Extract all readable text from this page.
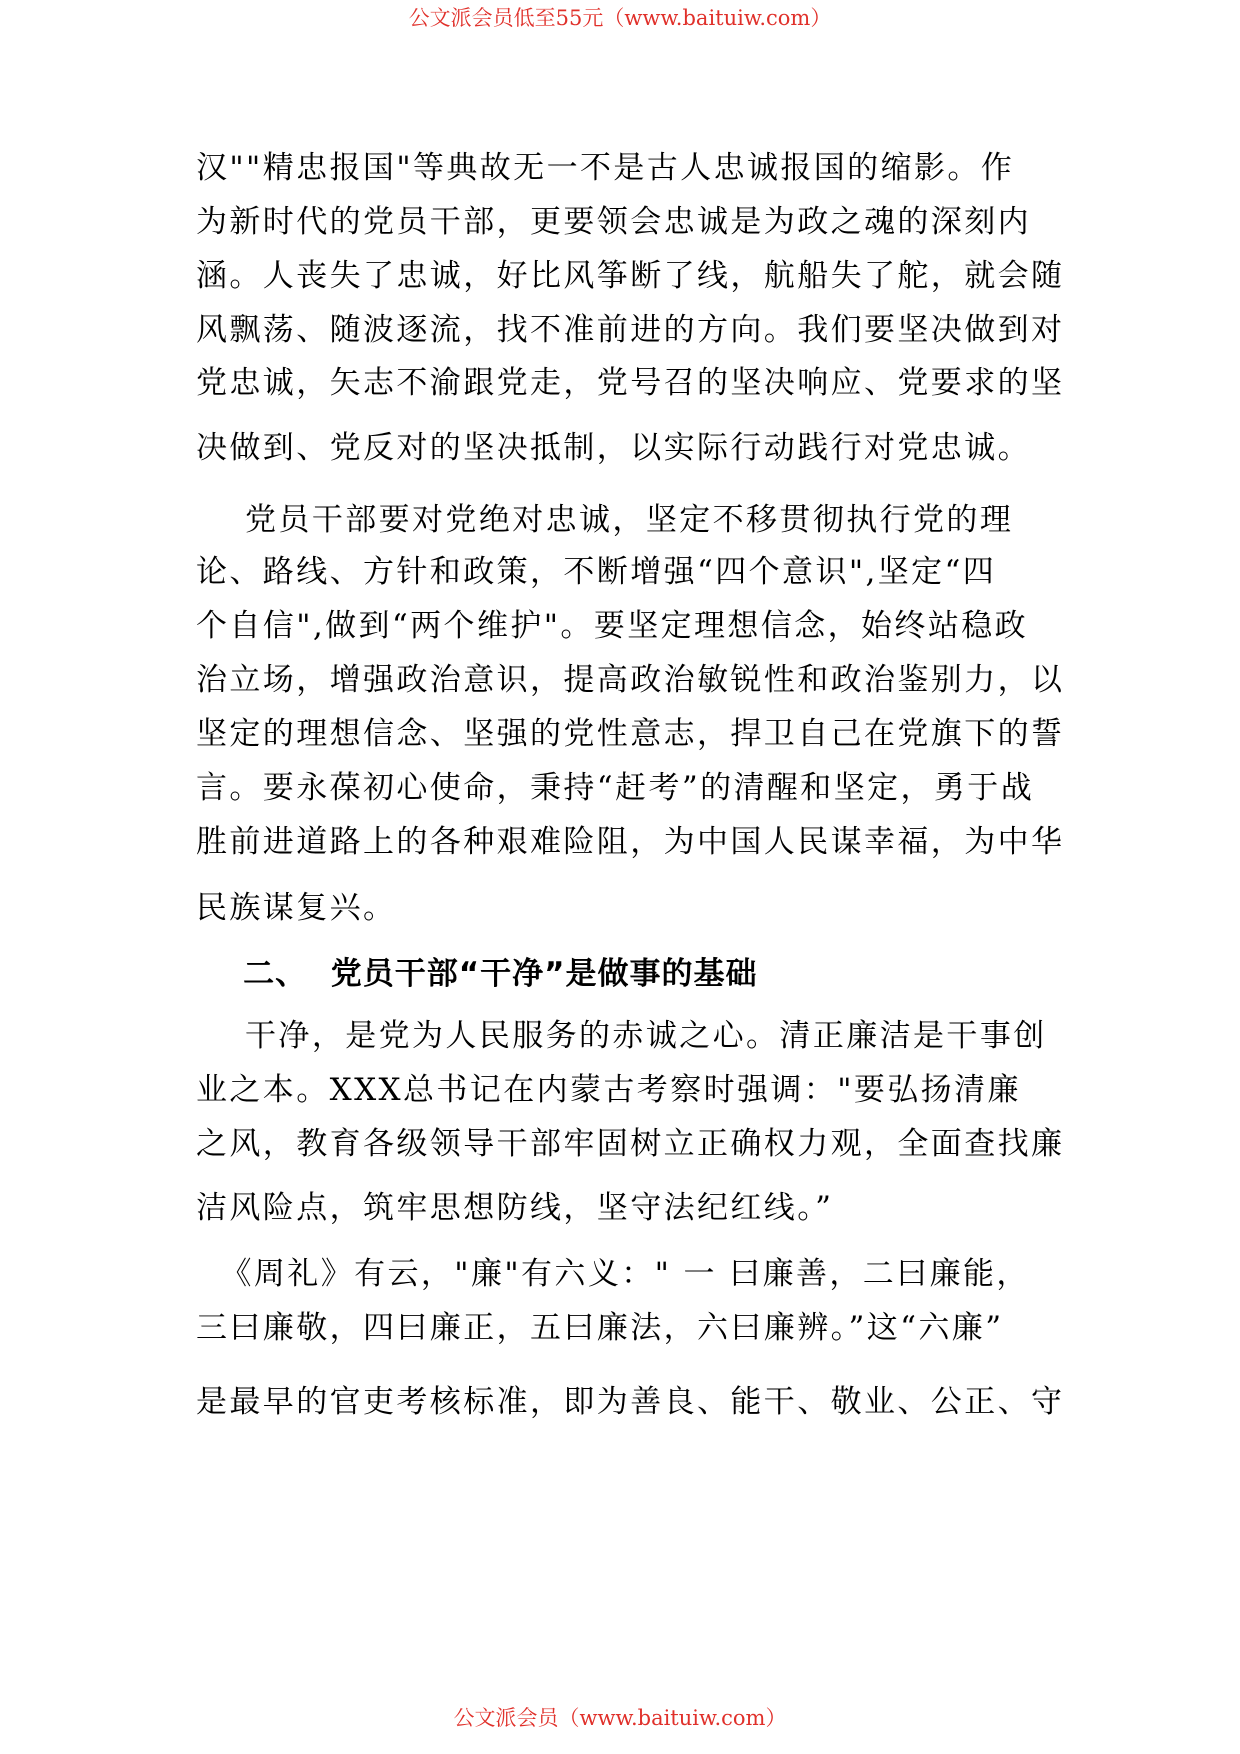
公文派会员低至55元（www.baituiw.com）
汉""精忠报国"等典故无一不是古人忠诚报国的缩影。作
为新时代的党员干部，更要领会忠诚是为政之魂的深刻内
涵。人丧失了忠诚，好比风筝断了线，航船失了舵，就会随
风飘荡、随波逐流，找不准前进的方向。我们要坚决做到对
党忠诚，矢志不渝跟党走，党号召的坚决响应、党要求的坚
决做到、党反对的坚决抵制，以实际行动践行对党忠诚。
党员干部要对党绝对忠诚，坚定不移贯彻执行党的理
论、路线、方针和政策，不断增强“四个意识",坚定“四
个自信",做到“两个维护"。要坚定理想信念，始终站稳政
治立场，增强政治意识，提高政治敏锐性和政治鉴别力，以
坚定的理想信念、坚强的党性意志，捍卫自己在党旗下的誓
言。要永葆初心使命，秉持“赶考”的清醒和坚定，勇于战
胜前进道路上的各种艰难险阻，为中国人民谋幸福，为中华
民族谋复兴。
二、  党员干部“干净”是做事的基础
干净，是党为人民服务的赤诚之心。清正廉洁是干事创
业之本。XXX总书记在内蒙古考察时强调："要弘扬清廉
之风，教育各级领导干部牢固树立正确权力观，全面查找廉
洁风险点，筑牢思想防线，坚守法纪红线。”
《周礼》有云，"廉"有六义：" 一 曰廉善，二曰廉能，
三曰廉敬，四曰廉正，五曰廉法，六曰廉辨。”这“六廉”
是最早的官吏考核标准，即为善良、能干、敬业、公正、守
公文派会员（www.baituiw.com）
